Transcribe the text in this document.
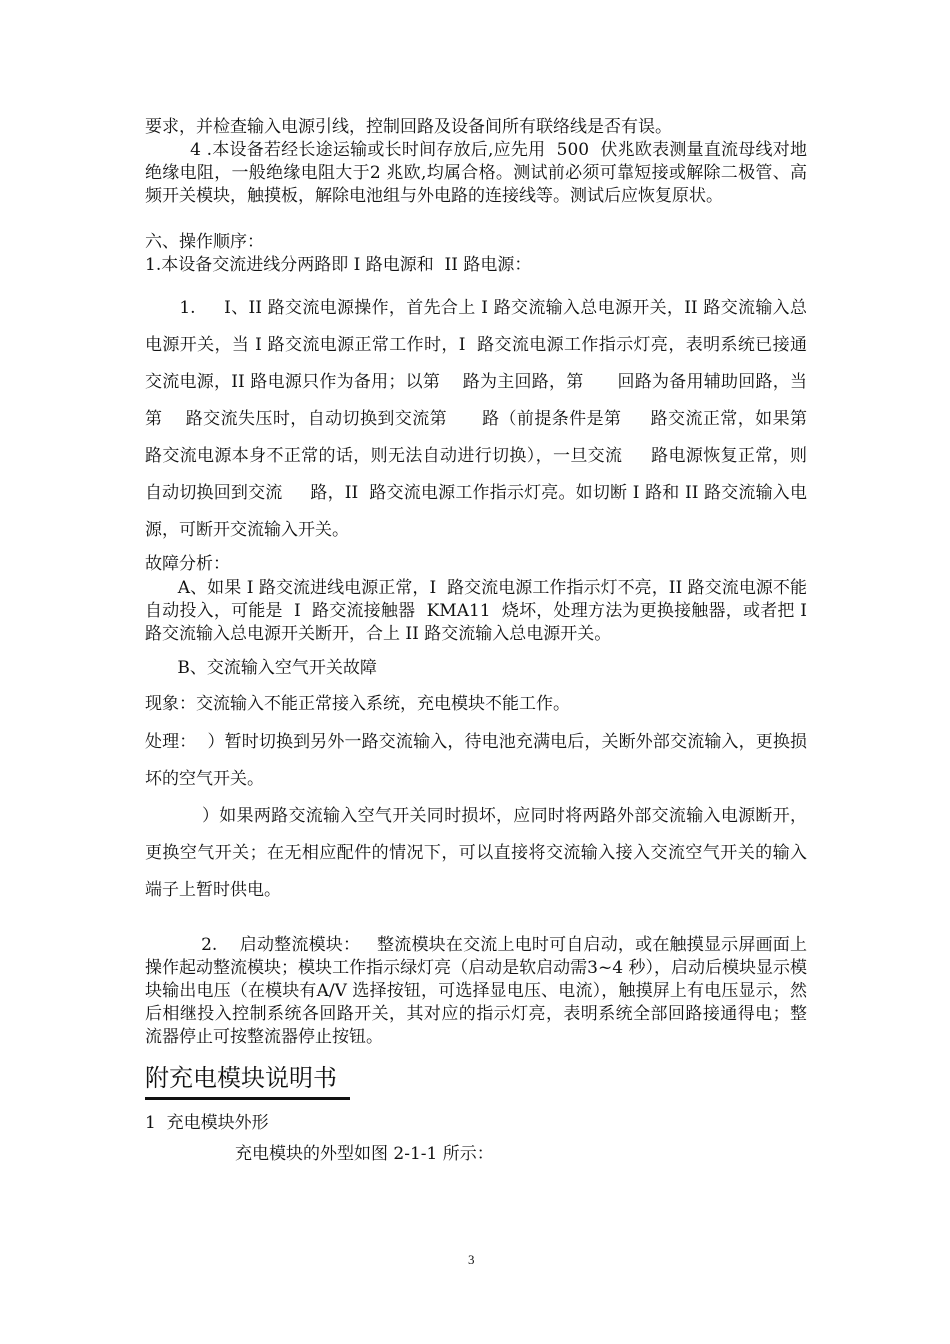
要求，并检查输入电源引线，控制回路及设备间所有联络线是否有误。

4 .本设备若经长途运输或长时间存放后,应先用  500  伏兆欧表测量直流母线对地绝缘电阻，一般绝缘电阻大于2 兆欧,均属合格。测试前必须可靠短接或解除二极管、高频开关模块，触摸板，解除电池组与外电路的连接线等。测试后应恢复原状。

六、操作顺序：

1.本设备交流进线分两路即 I 路电源和  II 路电源：

1.     I、II 路交流电源操作，首先合上 I 路交流输入总电源开关，II 路交流输入总电源开关，当 I 路交流电源正常工作时，I  路交流电源工作指示灯亮，表明系统已接通交流电源，II 路电源只作为备用；以第    路为主回路，第      回路为备用辅助回路，当第    路交流失压时，自动切换到交流第      路（前提条件是第     路交流正常，如果第     路交流电源本身不正常的话，则无法自动进行切换），一旦交流     路电源恢复正常，则自动切换回到交流     路，II  路交流电源工作指示灯亮。如切断 I 路和 II 路交流输入电源，可断开交流输入开关。

故障分析：

A、如果 I 路交流进线电源正常，I  路交流电源工作指示灯不亮，II 路交流电源不能自动投入，可能是  I  路交流接触器  KMA11  烧坏，处理方法为更换接触器，或者把 I 路交流输入总电源开关断开，合上 II 路交流输入总电源开关。

B、交流输入空气开关故障

现象：交流输入不能正常接入系统，充电模块不能工作。

处理：  ）暂时切换到另外一路交流输入，待电池充满电后，关断外部交流输入，更换损坏的空气开关。

）如果两路交流输入空气开关同时损坏，应同时将两路外部交流输入电源断开，更换空气开关；在无相应配件的情况下，可以直接将交流输入接入交流空气开关的输入端子上暂时供电。

2.    启动整流模块：   整流模块在交流上电时可自启动，或在触摸显示屏画面上操作起动整流模块；模块工作指示绿灯亮（启动是软启动需3~4 秒），启动后模块显示模块输出电压（在模块有A/V 选择按钮，可选择显电压、电流），触摸屏上有电压显示，然后相继投入控制系统各回路开关，其对应的指示灯亮，表明系统全部回路接通得电；整流器停止可按整流器停止按钮。

附充电模块说明书

1  充电模块外形

充电模块的外型如图 2-1-1 所示：

3
